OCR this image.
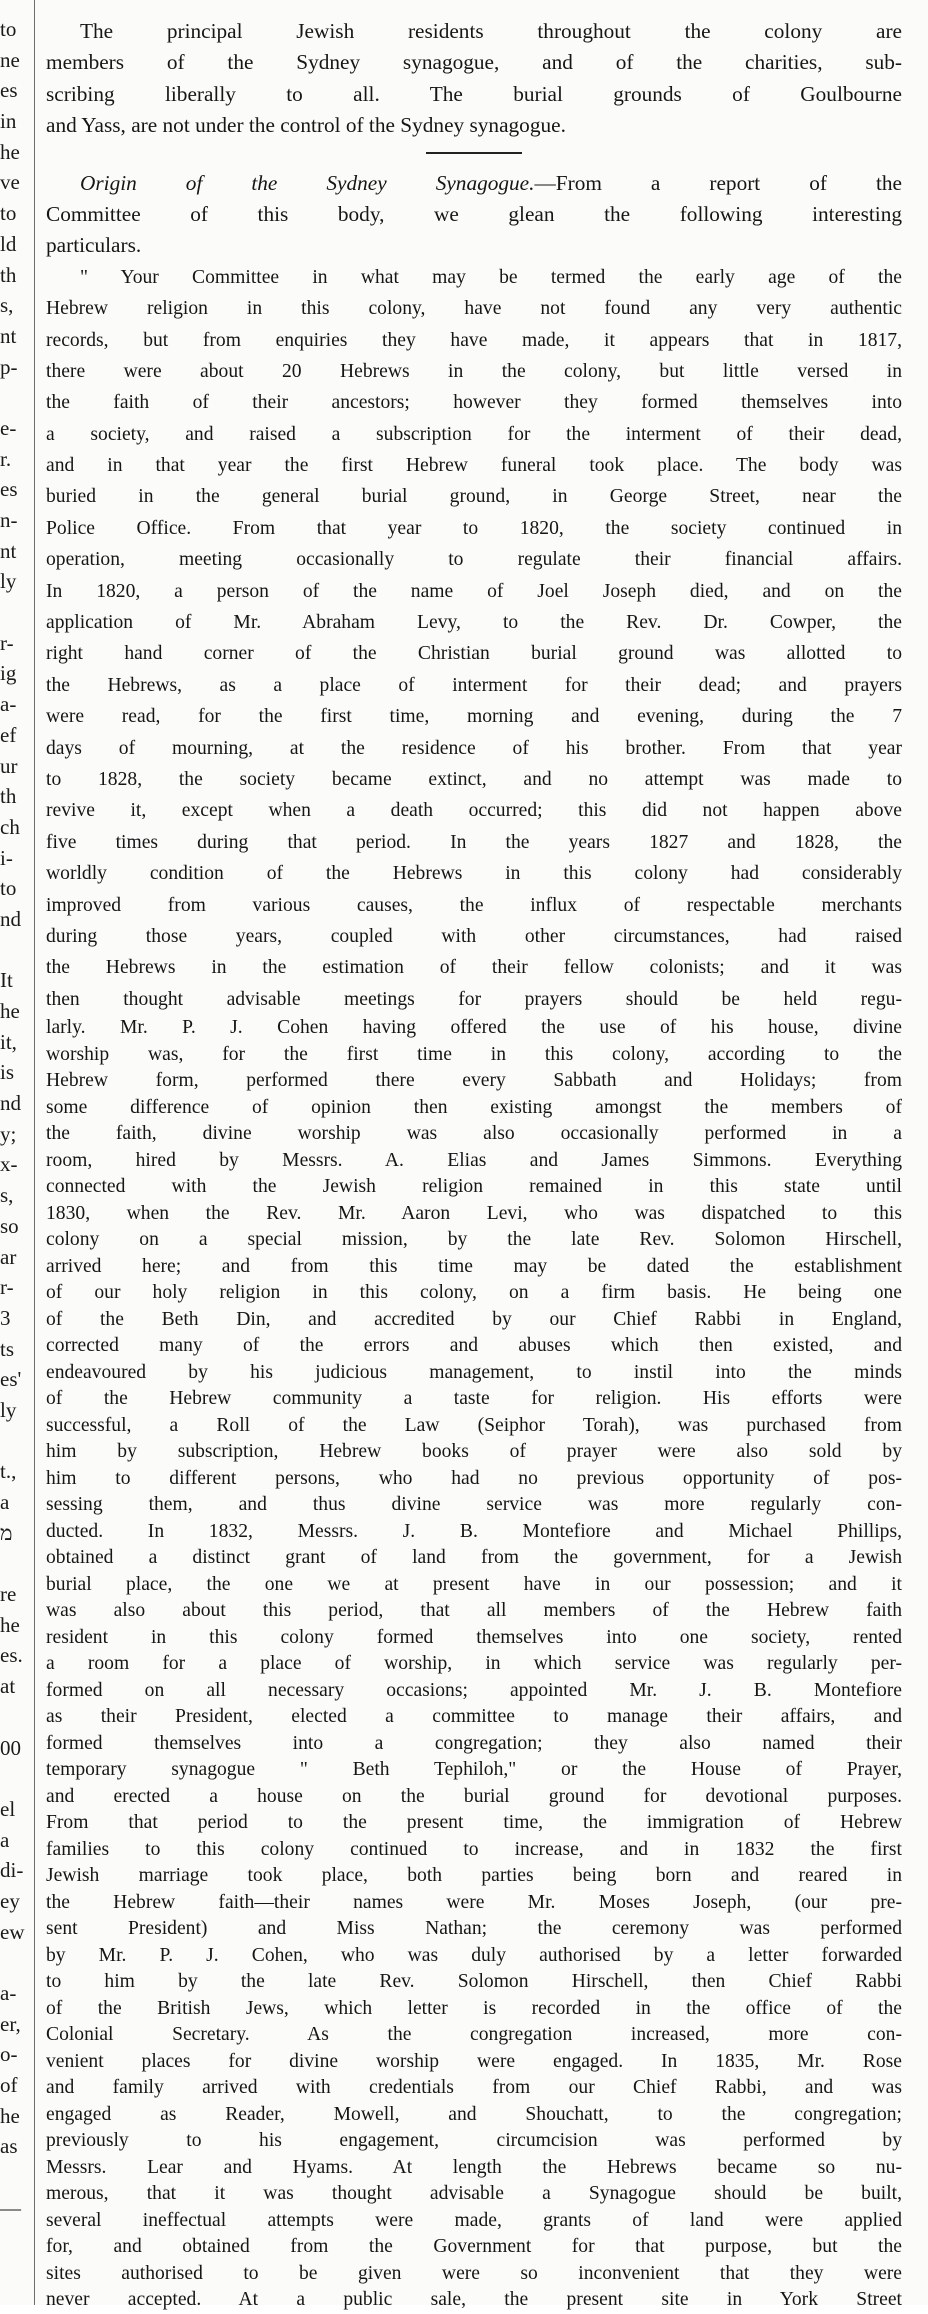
to
ne
es
in
he
ve
to
ld
th
s,
nt
p-
e-
r.
es
n-
nt
ly
r-
ig
a-
ef
ur
th
ch
i-
to
nd
It
he
it,
is
nd
y;
x-
s,
so
ar
r-
3
ts
es'
ly
t.,
a
מ
re
he
es.
at
00
el
a
di-
ey
ew
a-
er,
o-
of
he
as
—
The principal Jewish residents throughout the colony are
members of the Sydney synagogue, and of the charities, sub-
scribing liberally to all. The burial grounds of Goulbourne
and Yass, are not under the control of the Sydney synagogue.
Origin of the Sydney Synagogue.—From a report of the
Committee of this body, we glean the following interesting
particulars.
" Your Committee in what may be termed the early age of the
Hebrew religion in this colony, have not found any very authentic
records, but from enquiries they have made, it appears that in 1817,
there were about 20 Hebrews in the colony, but little versed in
the faith of their ancestors; however they formed themselves into
a society, and raised a subscription for the interment of their dead,
and in that year the first Hebrew funeral took place. The body was
buried in the general burial ground, in George Street, near the
Police Office. From that year to 1820, the society continued in
operation, meeting occasionally to regulate their financial affairs.
In 1820, a person of the name of Joel Joseph died, and on the
application of Mr. Abraham Levy, to the Rev. Dr. Cowper, the
right hand corner of the Christian burial ground was allotted to
the Hebrews, as a place of interment for their dead; and prayers
were read, for the first time, morning and evening, during the 7
days of mourning, at the residence of his brother. From that year
to 1828, the society became extinct, and no attempt was made to
revive it, except when a death occurred; this did not happen above
five times during that period. In the years 1827 and 1828, the
worldly condition of the Hebrews in this colony had considerably
improved from various causes, the influx of respectable merchants
during those years, coupled with other circumstances, had raised
the Hebrews in the estimation of their fellow colonists; and it was
then thought advisable meetings for prayers should be held regu-
larly. Mr. P. J. Cohen having offered the use of his house, divine
worship was, for the first time in this colony, according to the
Hebrew form, performed there every Sabbath and Holidays; from
some difference of opinion then existing amongst the members of
the faith, divine worship was also occasionally performed in a
room, hired by Messrs. A. Elias and James Simmons. Everything
connected with the Jewish religion remained in this state until
1830, when the Rev. Mr. Aaron Levi, who was dispatched to this
colony on a special mission, by the late Rev. Solomon Hirschell,
arrived here; and from this time may be dated the establishment
of our holy religion in this colony, on a firm basis. He being one
of the Beth Din, and accredited by our Chief Rabbi in England,
corrected many of the errors and abuses which then existed, and
endeavoured by his judicious management, to instil into the minds
of the Hebrew community a taste for religion. His efforts were
successful, a Roll of the Law (Seiphor Torah), was purchased from
him by subscription, Hebrew books of prayer were also sold by
him to different persons, who had no previous opportunity of pos-
sessing them, and thus divine service was more regularly con-
ducted. In 1832, Messrs. J. B. Montefiore and Michael Phillips,
obtained a distinct grant of land from the government, for a Jewish
burial place, the one we at present have in our possession; and it
was also about this period, that all members of the Hebrew faith
resident in this colony formed themselves into one society, rented
a room for a place of worship, in which service was regularly per-
formed on all necessary occasions; appointed Mr. J. B. Montefiore
as their President, elected a committee to manage their affairs, and
formed themselves into a congregation; they also named their
temporary synagogue " Beth Tephiloh," or the House of Prayer,
and erected a house on the burial ground for devotional purposes.
From that period to the present time, the immigration of Hebrew
families to this colony continued to increase, and in 1832 the first
Jewish marriage took place, both parties being born and reared in
the Hebrew faith—their names were Mr. Moses Joseph, (our pre-
sent President) and Miss Nathan; the ceremony was performed
by Mr. P. J. Cohen, who was duly authorised by a letter forwarded
to him by the late Rev. Solomon Hirschell, then Chief Rabbi
of the British Jews, which letter is recorded in the office of the
Colonial Secretary. As the congregation increased, more con-
venient places for divine worship were engaged. In 1835, Mr. Rose
and family arrived with credentials from our Chief Rabbi, and was
engaged as Reader, Mowell, and Shouchatt, to the congregation;
previously to his engagement, circumcision was performed by
Messrs. Lear and Hyams. At length the Hebrews became so nu-
merous, that it was thought advisable a Synagogue should be built,
several ineffectual attempts were made, grants of land were applied
for, and obtained from the Government for that purpose, but the
sites authorised to be given were so inconvenient that they were
never accepted. At a public sale, the present site in York Street
